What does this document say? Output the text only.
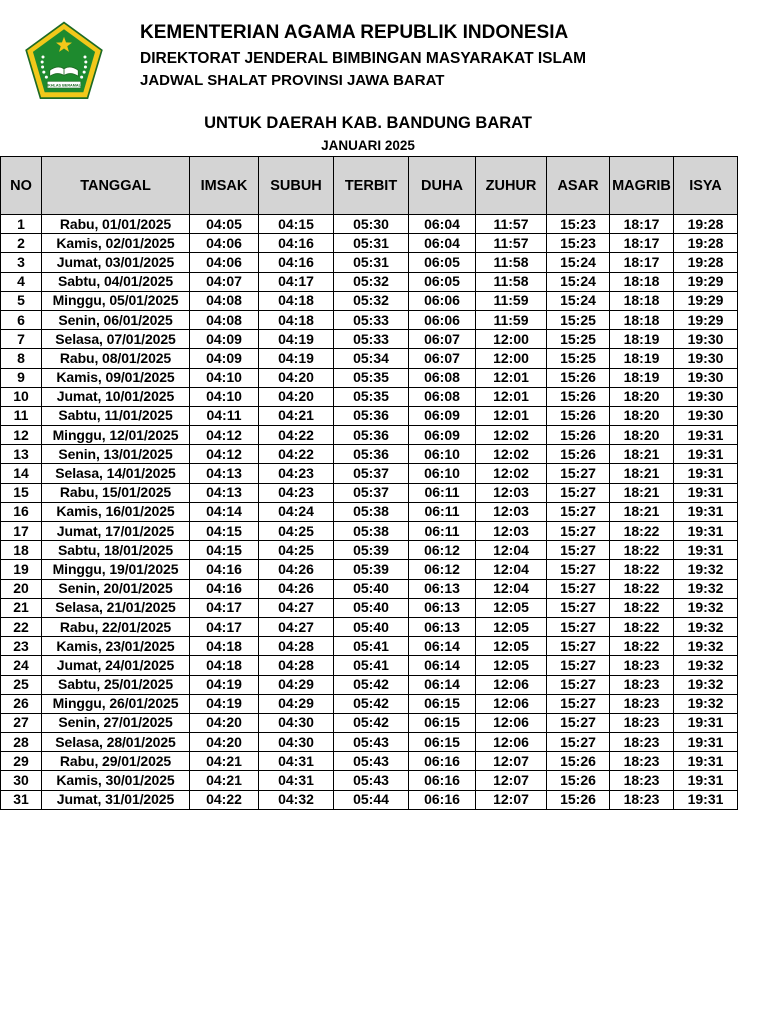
IKHLAS BERAMAL
KEMENTERIAN AGAMA REPUBLIK INDONESIA
DIREKTORAT JENDERAL BIMBINGAN MASYARAKAT ISLAM
JADWAL SHALAT PROVINSI JAWA BARAT
UNTUK DAERAH KAB. BANDUNG BARAT
JANUARI 2025
NO	TANGGAL	IMSAK	SUBUH	TERBIT	DUHA	ZUHUR	ASAR	MAGRIB	ISYA
1	Rabu, 01/01/2025	04:05	04:15	05:30	06:04	11:57	15:23	18:17	19:28
2	Kamis, 02/01/2025	04:06	04:16	05:31	06:04	11:57	15:23	18:17	19:28
3	Jumat, 03/01/2025	04:06	04:16	05:31	06:05	11:58	15:24	18:17	19:28
4	Sabtu, 04/01/2025	04:07	04:17	05:32	06:05	11:58	15:24	18:18	19:29
5	Minggu, 05/01/2025	04:08	04:18	05:32	06:06	11:59	15:24	18:18	19:29
6	Senin, 06/01/2025	04:08	04:18	05:33	06:06	11:59	15:25	18:18	19:29
7	Selasa, 07/01/2025	04:09	04:19	05:33	06:07	12:00	15:25	18:19	19:30
8	Rabu, 08/01/2025	04:09	04:19	05:34	06:07	12:00	15:25	18:19	19:30
9	Kamis, 09/01/2025	04:10	04:20	05:35	06:08	12:01	15:26	18:19	19:30
10	Jumat, 10/01/2025	04:10	04:20	05:35	06:08	12:01	15:26	18:20	19:30
11	Sabtu, 11/01/2025	04:11	04:21	05:36	06:09	12:01	15:26	18:20	19:30
12	Minggu, 12/01/2025	04:12	04:22	05:36	06:09	12:02	15:26	18:20	19:31
13	Senin, 13/01/2025	04:12	04:22	05:36	06:10	12:02	15:26	18:21	19:31
14	Selasa, 14/01/2025	04:13	04:23	05:37	06:10	12:02	15:27	18:21	19:31
15	Rabu, 15/01/2025	04:13	04:23	05:37	06:11	12:03	15:27	18:21	19:31
16	Kamis, 16/01/2025	04:14	04:24	05:38	06:11	12:03	15:27	18:21	19:31
17	Jumat, 17/01/2025	04:15	04:25	05:38	06:11	12:03	15:27	18:22	19:31
18	Sabtu, 18/01/2025	04:15	04:25	05:39	06:12	12:04	15:27	18:22	19:31
19	Minggu, 19/01/2025	04:16	04:26	05:39	06:12	12:04	15:27	18:22	19:32
20	Senin, 20/01/2025	04:16	04:26	05:40	06:13	12:04	15:27	18:22	19:32
21	Selasa, 21/01/2025	04:17	04:27	05:40	06:13	12:05	15:27	18:22	19:32
22	Rabu, 22/01/2025	04:17	04:27	05:40	06:13	12:05	15:27	18:22	19:32
23	Kamis, 23/01/2025	04:18	04:28	05:41	06:14	12:05	15:27	18:22	19:32
24	Jumat, 24/01/2025	04:18	04:28	05:41	06:14	12:05	15:27	18:23	19:32
25	Sabtu, 25/01/2025	04:19	04:29	05:42	06:14	12:06	15:27	18:23	19:32
26	Minggu, 26/01/2025	04:19	04:29	05:42	06:15	12:06	15:27	18:23	19:32
27	Senin, 27/01/2025	04:20	04:30	05:42	06:15	12:06	15:27	18:23	19:31
28	Selasa, 28/01/2025	04:20	04:30	05:43	06:15	12:06	15:27	18:23	19:31
29	Rabu, 29/01/2025	04:21	04:31	05:43	06:16	12:07	15:26	18:23	19:31
30	Kamis, 30/01/2025	04:21	04:31	05:43	06:16	12:07	15:26	18:23	19:31
31	Jumat, 31/01/2025	04:22	04:32	05:44	06:16	12:07	15:26	18:23	19:31
